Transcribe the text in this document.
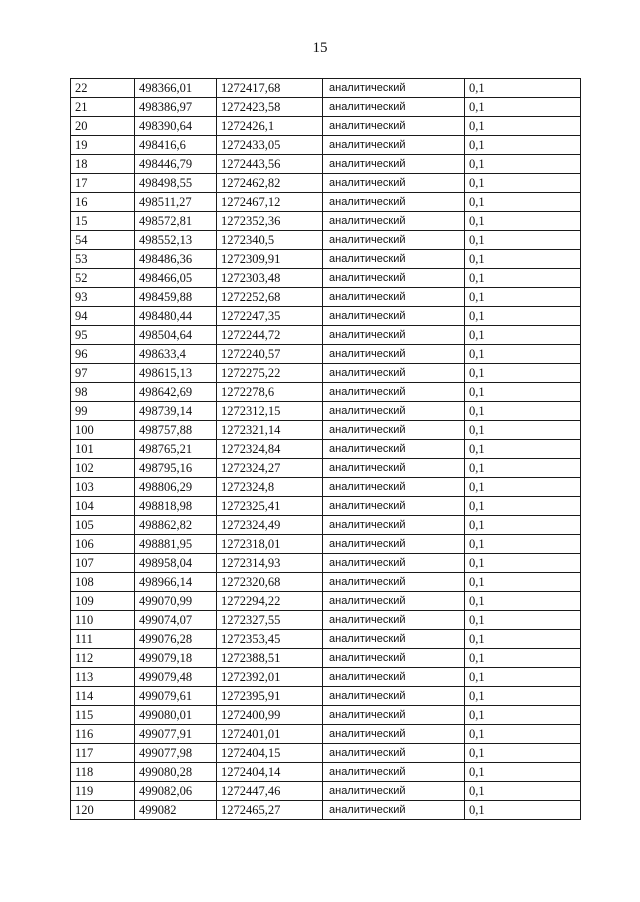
15
22	498366,01	1272417,68	аналитический	0,1
21	498386,97	1272423,58	аналитический	0,1
20	498390,64	1272426,1	аналитический	0,1
19	498416,6	1272433,05	аналитический	0,1
18	498446,79	1272443,56	аналитический	0,1
17	498498,55	1272462,82	аналитический	0,1
16	498511,27	1272467,12	аналитический	0,1
15	498572,81	1272352,36	аналитический	0,1
54	498552,13	1272340,5	аналитический	0,1
53	498486,36	1272309,91	аналитический	0,1
52	498466,05	1272303,48	аналитический	0,1
93	498459,88	1272252,68	аналитический	0,1
94	498480,44	1272247,35	аналитический	0,1
95	498504,64	1272244,72	аналитический	0,1
96	498633,4	1272240,57	аналитический	0,1
97	498615,13	1272275,22	аналитический	0,1
98	498642,69	1272278,6	аналитический	0,1
99	498739,14	1272312,15	аналитический	0,1
100	498757,88	1272321,14	аналитический	0,1
101	498765,21	1272324,84	аналитический	0,1
102	498795,16	1272324,27	аналитический	0,1
103	498806,29	1272324,8	аналитический	0,1
104	498818,98	1272325,41	аналитический	0,1
105	498862,82	1272324,49	аналитический	0,1
106	498881,95	1272318,01	аналитический	0,1
107	498958,04	1272314,93	аналитический	0,1
108	498966,14	1272320,68	аналитический	0,1
109	499070,99	1272294,22	аналитический	0,1
110	499074,07	1272327,55	аналитический	0,1
111	499076,28	1272353,45	аналитический	0,1
112	499079,18	1272388,51	аналитический	0,1
113	499079,48	1272392,01	аналитический	0,1
114	499079,61	1272395,91	аналитический	0,1
115	499080,01	1272400,99	аналитический	0,1
116	499077,91	1272401,01	аналитический	0,1
117	499077,98	1272404,15	аналитический	0,1
118	499080,28	1272404,14	аналитический	0,1
119	499082,06	1272447,46	аналитический	0,1
120	499082	1272465,27	аналитический	0,1
